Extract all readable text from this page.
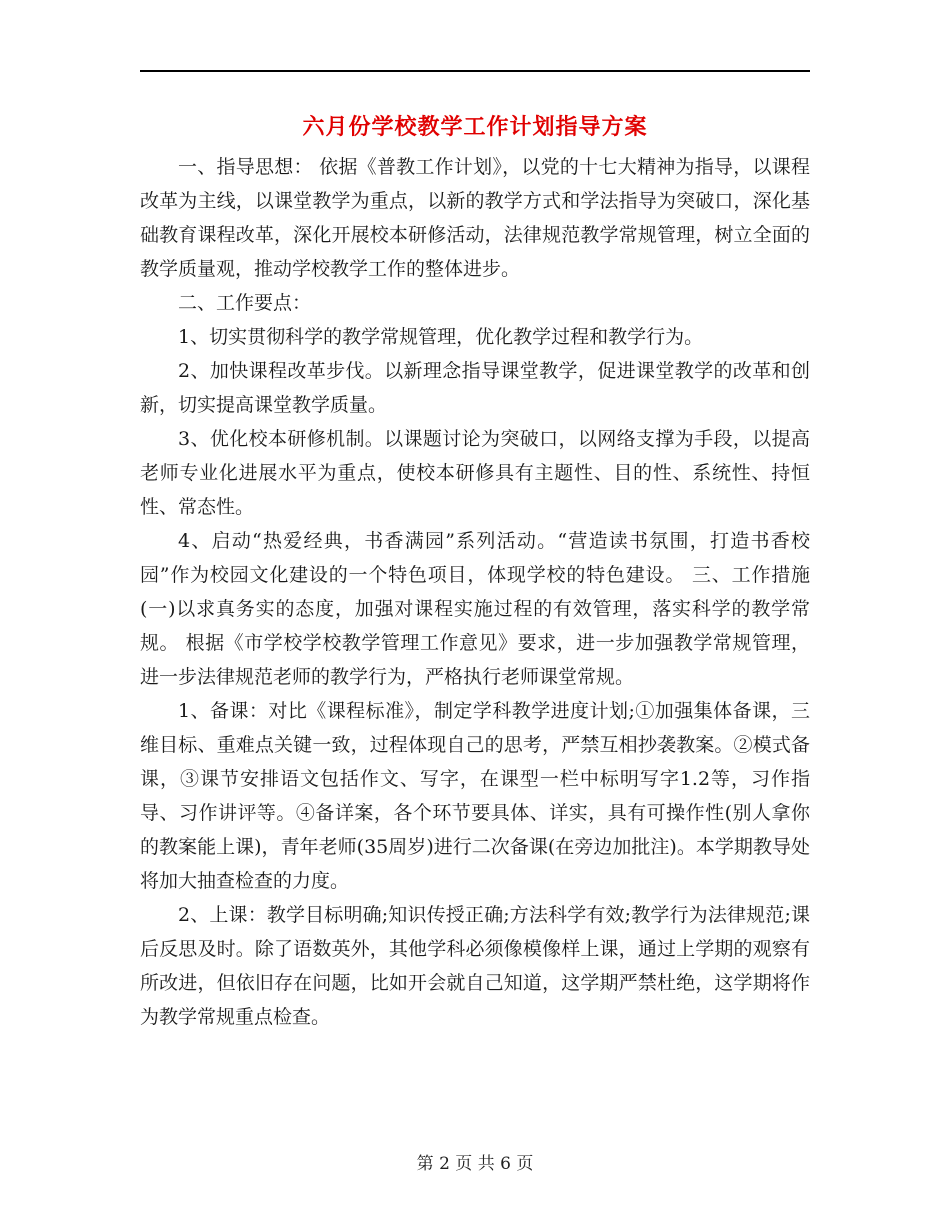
六月份学校教学工作计划指导方案

一、指导思想： 依据《普教工作计划》，以党的十七大精神为指导，以课程改革为主线，以课堂教学为重点，以新的教学方式和学法指导为突破口，深化基础教育课程改革，深化开展校本研修活动，法律规范教学常规管理，树立全面的教学质量观，推动学校教学工作的整体进步。

二、工作要点：

1、切实贯彻科学的教学常规管理，优化教学过程和教学行为。

2、加快课程改革步伐。以新理念指导课堂教学，促进课堂教学的改革和创新，切实提高课堂教学质量。

3、优化校本研修机制。以课题讨论为突破口，以网络支撑为手段，以提高老师专业化进展水平为重点，使校本研修具有主题性、目的性、系统性、持恒性、常态性。

4、启动“热爱经典，书香满园”系列活动。“营造读书氛围，打造书香校园”作为校园文化建设的一个特色项目，体现学校的特色建设。 三、工作措施 (一)以求真务实的态度，加强对课程实施过程的有效管理，落实科学的教学常规。 根据《市学校学校教学管理工作意见》要求，进一步加强教学常规管理，进一步法律规范老师的教学行为，严格执行老师课堂常规。

1、备课：对比《课程标准》，制定学科教学进度计划;①加强集体备课，三维目标、重难点关键一致，过程体现自己的思考，严禁互相抄袭教案。②模式备课，③课节安排语文包括作文、写字，在课型一栏中标明写字1.2等，习作指导、习作讲评等。④备详案，各个环节要具体、详实，具有可操作性(别人拿你的教案能上课)，青年老师(35周岁)进行二次备课(在旁边加批注)。本学期教导处将加大抽查检查的力度。

2、上课：教学目标明确;知识传授正确;方法科学有效;教学行为法律规范;课后反思及时。除了语数英外，其他学科必须像模像样上课，通过上学期的观察有所改进，但依旧存在问题，比如开会就自己知道，这学期严禁杜绝，这学期将作为教学常规重点检查。

第 2 页 共 6 页
